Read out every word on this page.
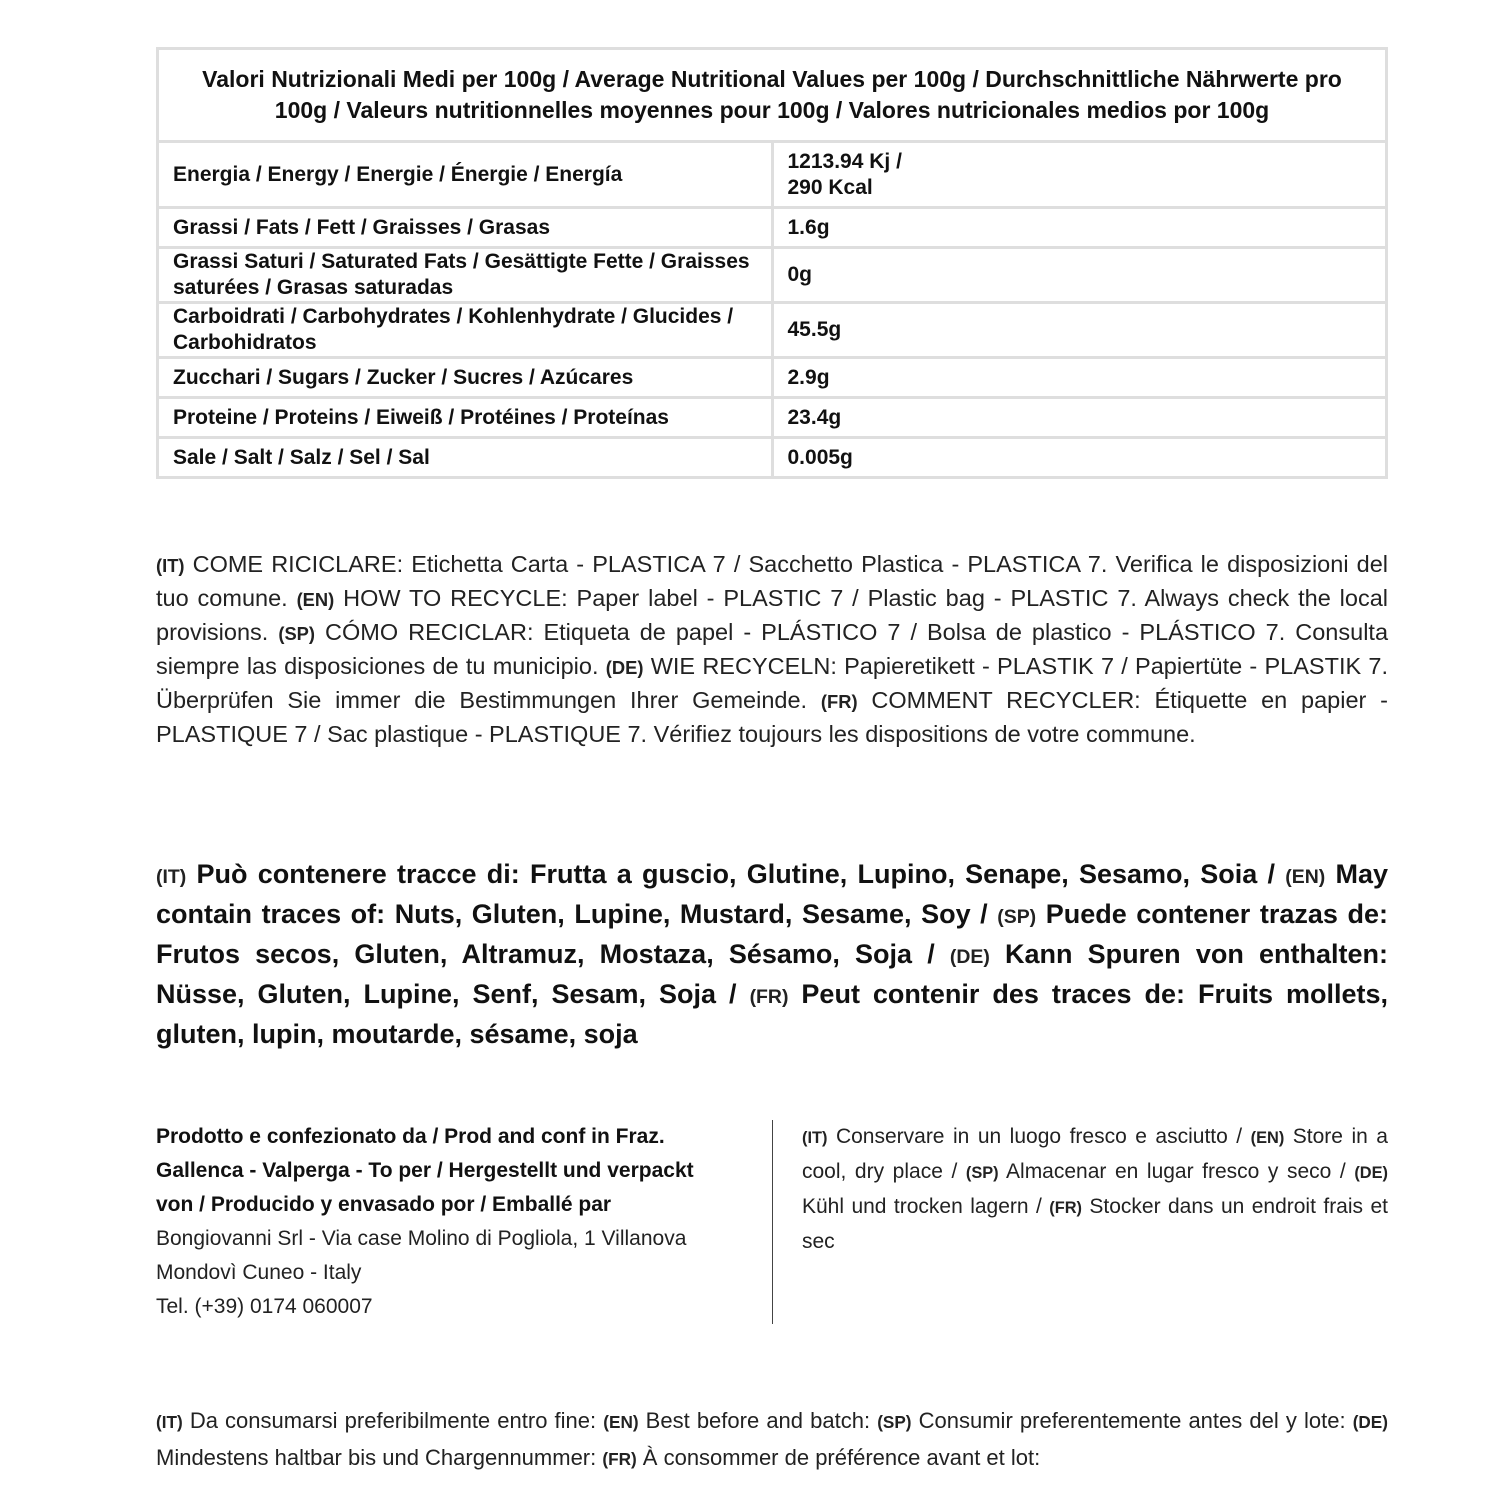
Valori Nutrizionali Medi per 100g / Average Nutritional Values per 100g / Durchschnittliche Nährwerte pro 100g / Valeurs nutritionnelles moyennes pour 100g / Valores nutricionales medios por 100g	
Energia / Energy / Energie / Énergie / Energía	1213.94 Kj /
290 Kcal

Grassi / Fats / Fett / Graisses / Grasas	1.6g
Grassi Saturi / Saturated Fats / Gesättigte Fette / Graisses saturées / Grasas saturadas	0g
Carboidrati / Carbohydrates / Kohlenhydrate / Glucides / Carbohidratos	45.5g
Zucchari / Sugars / Zucker / Sucres / Azúcares	2.9g
Proteine / Proteins / Eiweiß / Protéines / Proteínas	23.4g
Sale / Salt / Salz / Sel / Sal	0.005g
(IT) COME RICICLARE: Etichetta Carta - PLASTICA 7 / Sacchetto Plastica - PLASTICA 7. Verifica le disposizioni del tuo comune. (EN) HOW TO RECYCLE: Paper label - PLASTIC 7 / Plastic bag - PLASTIC 7. Always check the local provisions. (SP) CÓMO RECICLAR: Etiqueta de papel - PLÁSTICO 7 / Bolsa de plastico - PLÁSTICO 7. Consulta siempre las disposiciones de tu municipio. (DE) WIE RECYCELN: Papieretikett - PLASTIK 7 / Papiertüte - PLASTIK 7. Überprüfen Sie immer die Bestimmungen Ihrer Gemeinde. (FR) COMMENT RECYCLER: Étiquette en papier - PLASTIQUE 7 / Sac plastique - PLASTIQUE 7. Vérifiez toujours les dispositions de votre commune.
(IT) Può contenere tracce di: Frutta a guscio, Glutine, Lupino, Senape, Sesamo, Soia / (EN) May contain traces of: Nuts, Gluten, Lupine, Mustard, Sesame, Soy / (SP) Puede contener trazas de: Frutos secos, Gluten, Altramuz, Mostaza, Sésamo, Soja / (DE) Kann Spuren von enthalten: Nüsse, Gluten, Lupine, Senf, Sesam, Soja / (FR) Peut contenir des traces de: Fruits mollets, gluten, lupin, moutarde, sésame, soja
Prodotto e confezionato da / Prod and conf in Fraz. Gallenca - Valperga - To per / Hergestellt und verpackt von / Producido y envasado por / Emballé par
Bongiovanni Srl - Via case Molino di Pogliola, 1 Villanova Mondovì Cuneo - Italy
Tel. (+39) 0174 060007
(IT) Conservare in un luogo fresco e asciutto / (EN) Store in a cool, dry place / (SP) Almacenar en lugar fresco y seco / (DE) Kühl und trocken lagern / (FR) Stocker dans un endroit frais et sec
(IT) Da consumarsi preferibilmente entro fine: (EN) Best before and batch: (SP) Consumir preferentemente antes del y lote: (DE) Mindestens haltbar bis und Chargennummer: (FR) À consommer de préférence avant et lot:
